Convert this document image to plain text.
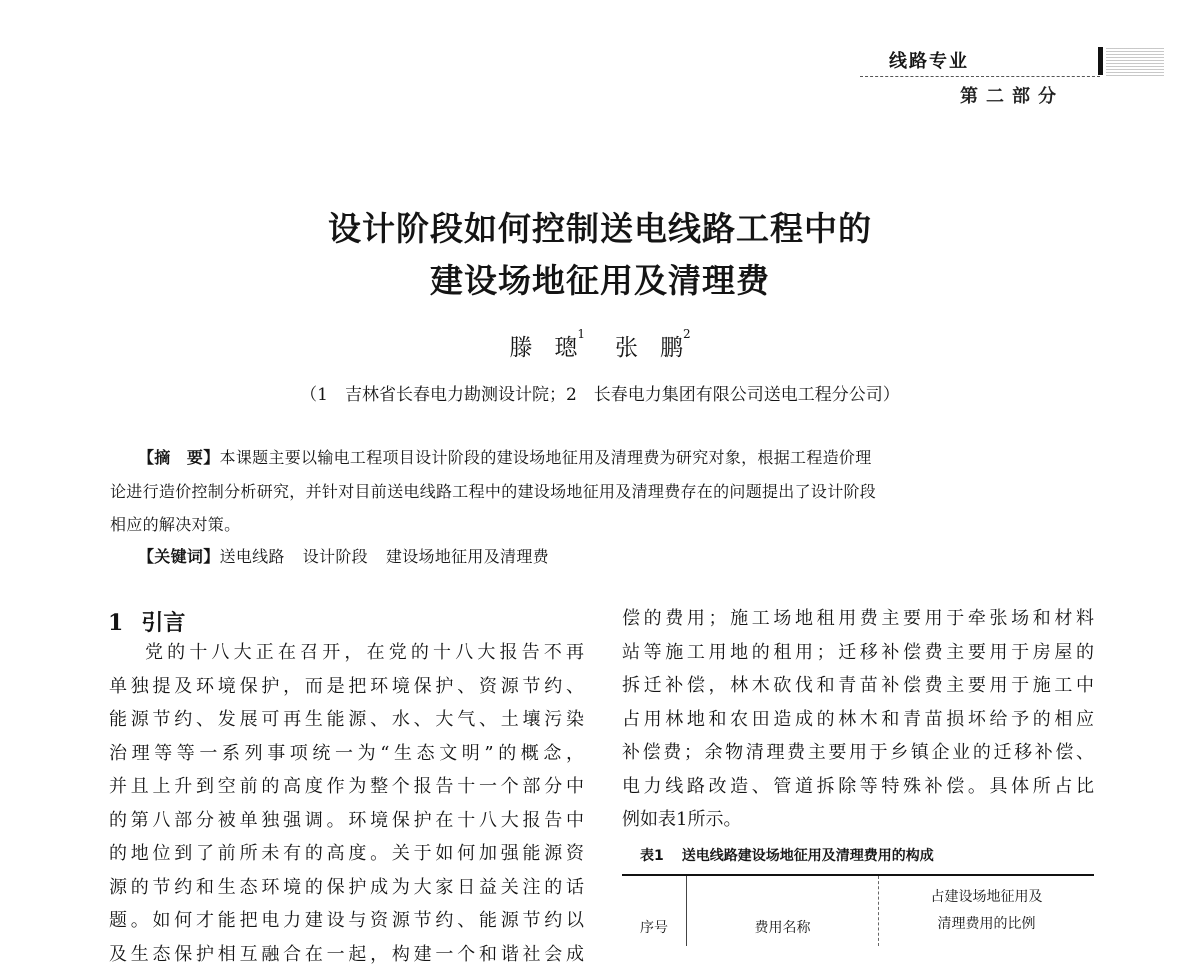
线路专业
第二部分
设计阶段如何控制送电线路工程中的
建设场地征用及清理费
滕 璁$^1$张 鹏$^2$
（1　吉林省长春电力勘测设计院；2　长春电力集团有限公司送电工程分公司）
【摘　要】本课题主要以输电工程项目设计阶段的建设场地征用及清理费为研究对象，根据工程造价理
论进行造价控制分析研究，并针对目前送电线路工程中的建设场地征用及清理费存在的问题提出了设计阶段
相应的解决对策。
【关键词】送电线路 设计阶段 建设场地征用及清理费
1 引言

党的十八大正在召开，在党的十八大报告不再

单独提及环境保护，而是把环境保护、资源节约、

能源节约、发展可再生能源、水、大气、土壤污染

治理等等一系列事项统一为“生态文明”的概念，

并且上升到空前的高度作为整个报告十一个部分中

的第八部分被单独强调。环境保护在十八大报告中

的地位到了前所未有的高度。关于如何加强能源资

源的节约和生态环境的保护成为大家日益关注的话

题。如何才能把电力建设与资源节约、能源节约以

及生态保护相互融合在一起，构建一个和谐社会成

偿的费用；施工场地租用费主要用于牵张场和材料

站等施工用地的租用；迁移补偿费主要用于房屋的

拆迁补偿，林木砍伐和青苗补偿费主要用于施工中

占用林地和农田造成的林木和青苗损坏给予的相应

补偿费；余物清理费主要用于乡镇企业的迁移补偿、

电力线路改造、管道拆除等特殊补偿。具体所占比

例如表1所示。

表1 送电线路建设场地征用及清理费用的构成
序号	费用名称
占建设场地征用及
清理费用的比例
